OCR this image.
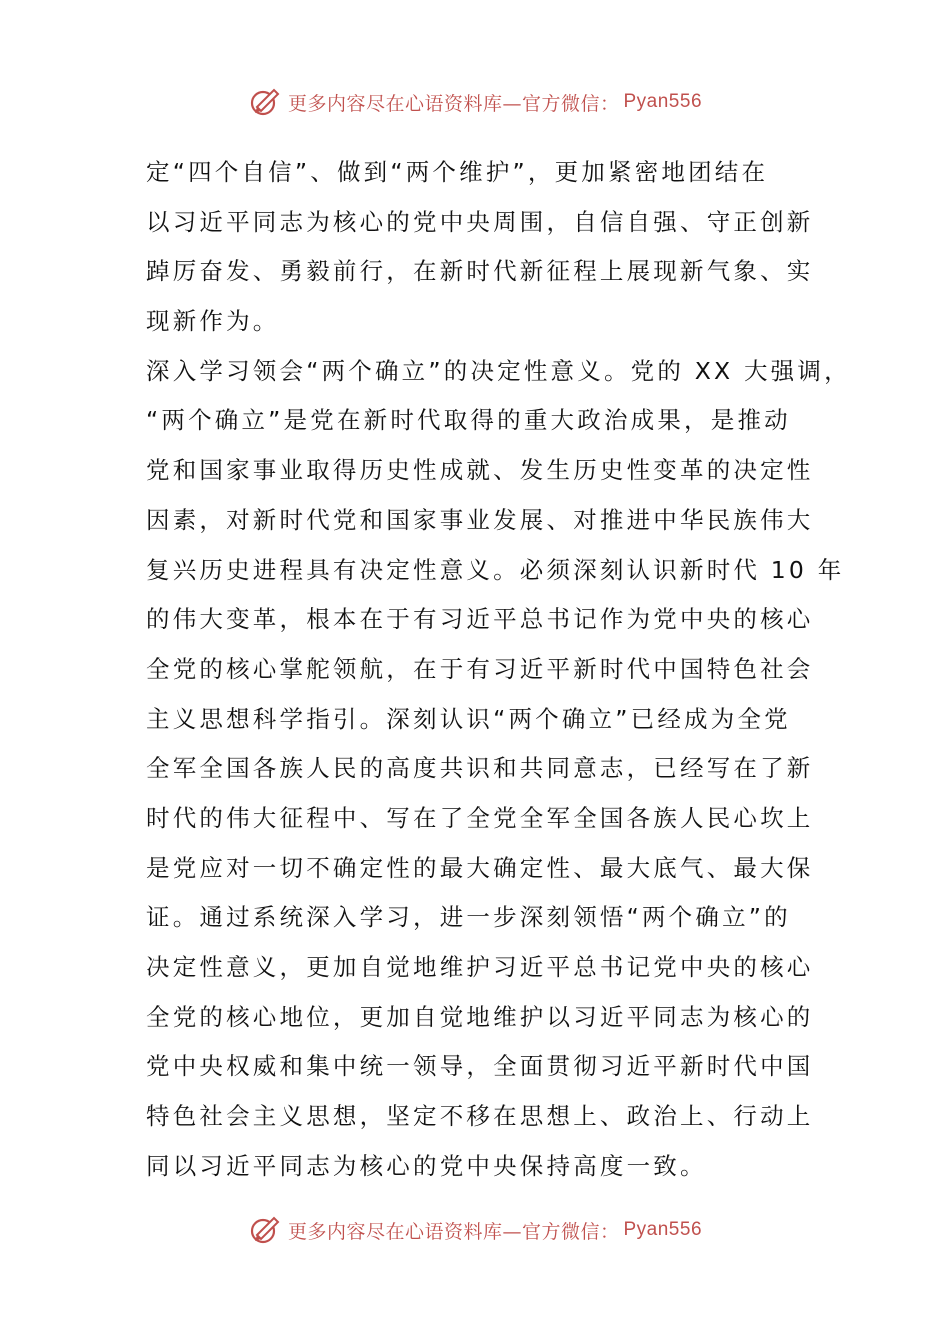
更多内容尽在心语资料库—官方微信： Pyan556
定“四个自信”、做到“两个维护”，更加紧密地团结在
以习近平同志为核心的党中央周围，自信自强、守正创新
踔厉奋发、勇毅前行，在新时代新征程上展现新气象、实
现新作为。
深入学习领会“两个确立”的决定性意义。党的 XX 大强调，
“两个确立”是党在新时代取得的重大政治成果，是推动
党和国家事业取得历史性成就、发生历史性变革的决定性
因素，对新时代党和国家事业发展、对推进中华民族伟大
复兴历史进程具有决定性意义。必须深刻认识新时代 10 年
的伟大变革，根本在于有习近平总书记作为党中央的核心
全党的核心掌舵领航，在于有习近平新时代中国特色社会
主义思想科学指引。深刻认识“两个确立”已经成为全党
全军全国各族人民的高度共识和共同意志，已经写在了新
时代的伟大征程中、写在了全党全军全国各族人民心坎上
是党应对一切不确定性的最大确定性、最大底气、最大保
证。通过系统深入学习，进一步深刻领悟“两个确立”的
决定性意义，更加自觉地维护习近平总书记党中央的核心
全党的核心地位，更加自觉地维护以习近平同志为核心的
党中央权威和集中统一领导，全面贯彻习近平新时代中国
特色社会主义思想，坚定不移在思想上、政治上、行动上
同以习近平同志为核心的党中央保持高度一致。
更多内容尽在心语资料库—官方微信： Pyan556
